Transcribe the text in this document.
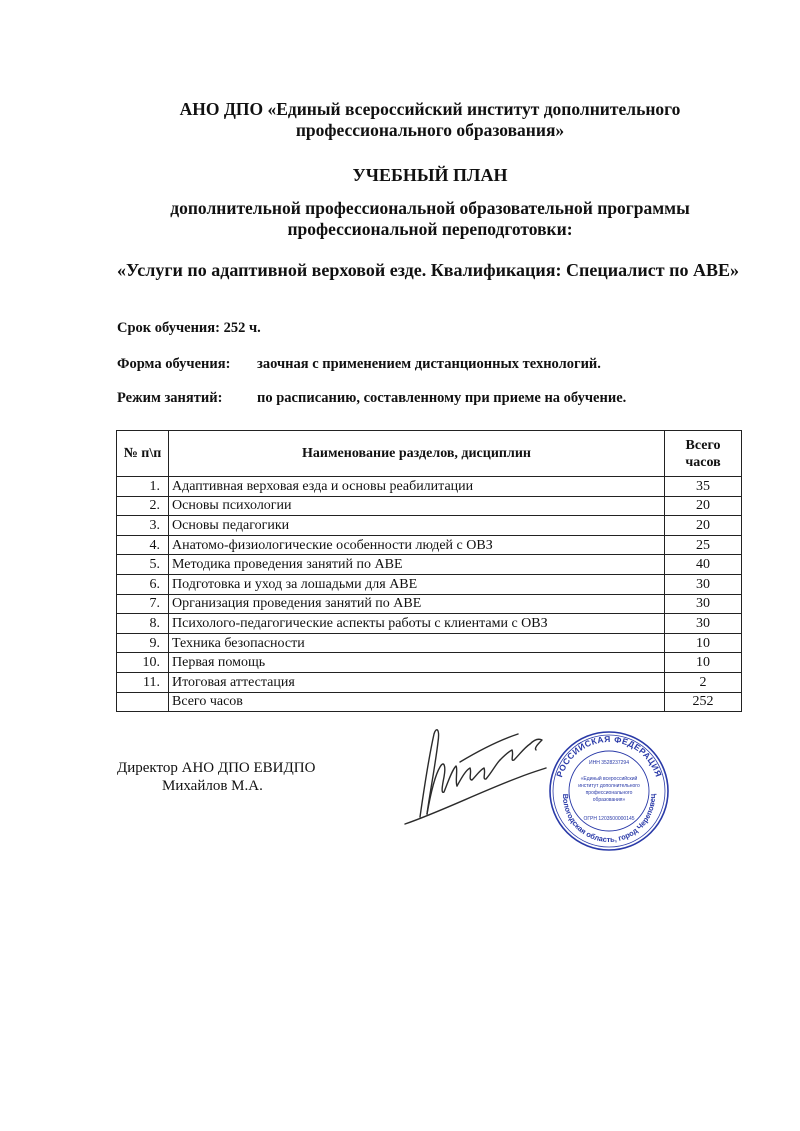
АНО ДПО «Единый всероссийский институт дополнительного
профессионального образования»
УЧЕБНЫЙ ПЛАН
дополнительной профессиональной образовательной программы
профессиональной переподготовки:
«Услуги по адаптивной верховой езде. Квалификация: Специалист по АВЕ»
Срок обучения: 252 ч.
Форма обучения: заочная с применением дистанционных технологий.
Режим занятий: по расписанию, составленному при приеме на обучение.
№ п\п	Наименование разделов, дисциплин	Всего
часов
1.	Адаптивная верховая езда и основы реабилитации	35
2.	Основы психологии	20
3.	Основы педагогики	20
4.	Анатомо-физиологические особенности людей с ОВЗ	25
5.	Методика проведения занятий по АВЕ	40
6.	Подготовка и уход за лошадьми для АВЕ	30
7.	Организация проведения занятий по АВЕ	30
8.	Психолого-педагогические аспекты работы с клиентами с ОВЗ	30
9.	Техника безопасности	10
10.	Первая помощь	10
11.	Итоговая аттестация	2
	Всего часов	252
Директор АНО ДПО ЕВИДПО
Михайлов М.А.
РОССИЙСКАЯ ФЕДЕРАЦИЯ
Вологодская область, город Череповец
ИНН 3528237294
«Единый всероссийский
институт дополнительного
профессионального
образования»
ОГРН 1203500000145
